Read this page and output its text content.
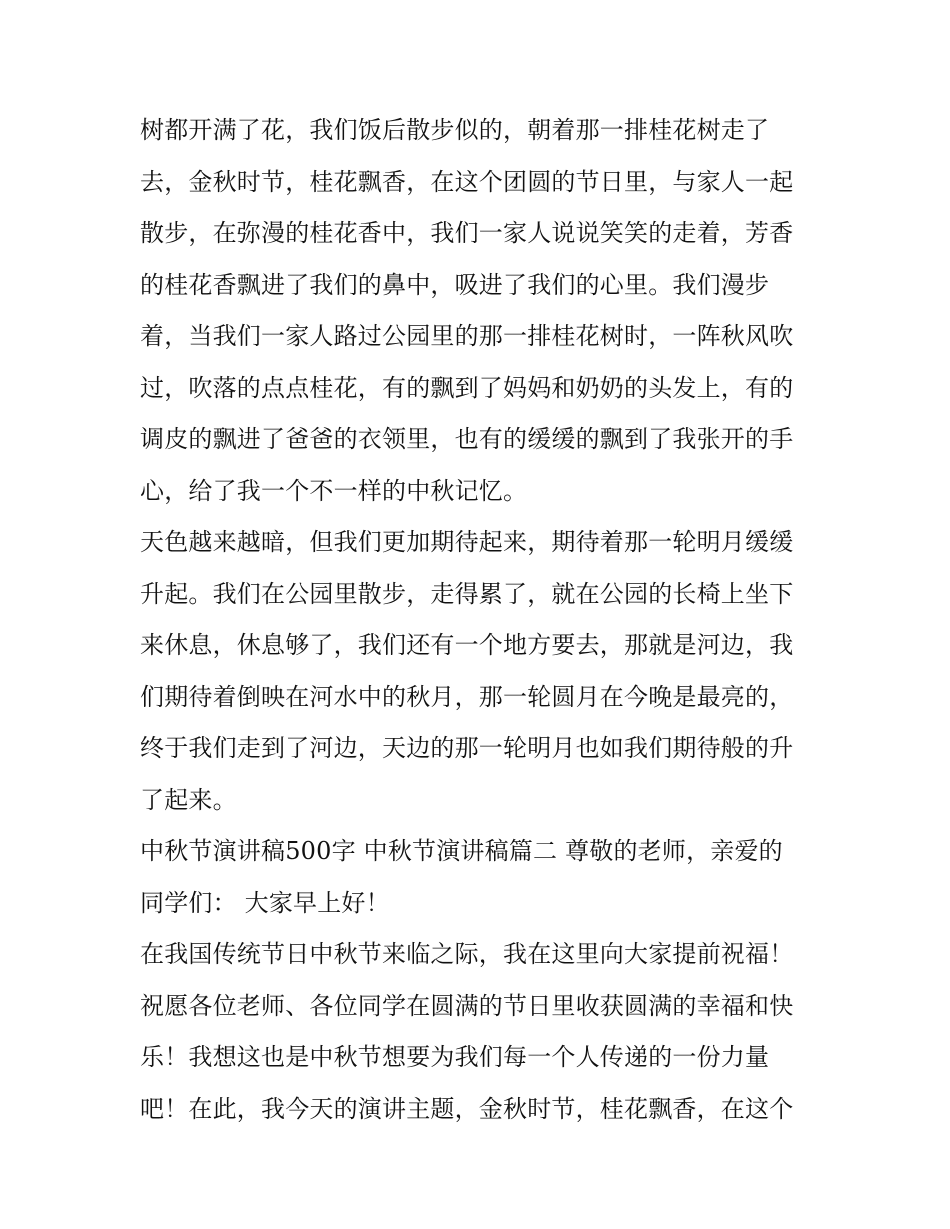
树都开满了花，我们饭后散步似的，朝着那一排桂花树走了
去，金秋时节，桂花飘香，在这个团圆的节日里，与家人一起
散步，在弥漫的桂花香中，我们一家人说说笑笑的走着，芳香
的桂花香飘进了我们的鼻中，吸进了我们的心里。我们漫步
着，当我们一家人路过公园里的那一排桂花树时，一阵秋风吹
过，吹落的点点桂花，有的飘到了妈妈和奶奶的头发上，有的
调皮的飘进了爸爸的衣领里，也有的缓缓的飘到了我张开的手
心，给了我一个不一样的中秋记忆。
天色越来越暗，但我们更加期待起来，期待着那一轮明月缓缓
升起。我们在公园里散步，走得累了，就在公园的长椅上坐下
来休息，休息够了，我们还有一个地方要去，那就是河边，我
们期待着倒映在河水中的秋月，那一轮圆月在今晚是最亮的，
终于我们走到了河边，天边的那一轮明月也如我们期待般的升
了起来。
中秋节演讲稿500字 中秋节演讲稿篇二 尊敬的老师，亲爱的
同学们： 大家早上好！
在我国传统节日中秋节来临之际，我在这里向大家提前祝福！
祝愿各位老师、各位同学在圆满的节日里收获圆满的幸福和快
乐！我想这也是中秋节想要为我们每一个人传递的一份力量
吧！在此，我今天的演讲主题，金秋时节，桂花飘香，在这个
